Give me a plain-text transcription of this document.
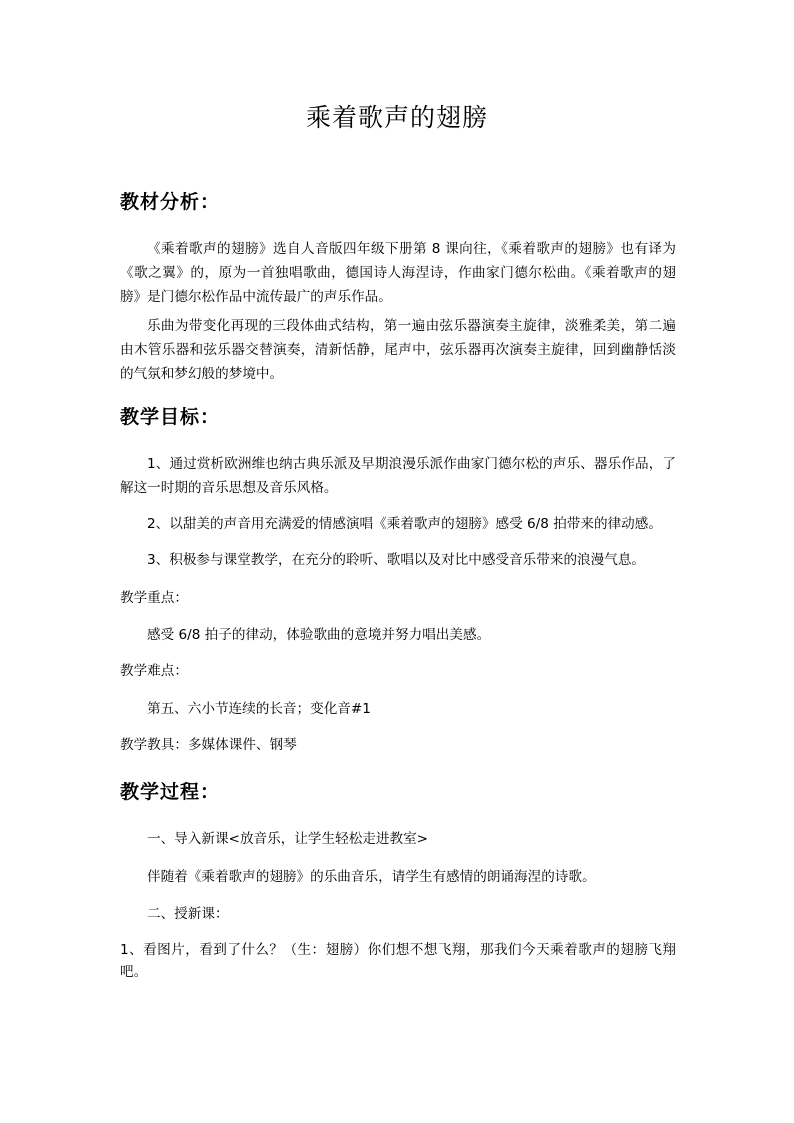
乘着歌声的翅膀
教材分析：
《乘着歌声的翅膀》选自人音版四年级下册第 8 课向往，《乘着歌声的翅膀》也有译为《歌之翼》的，原为一首独唱歌曲，德国诗人海涅诗，作曲家门德尔松曲。《乘着歌声的翅膀》是门德尔松作品中流传最广的声乐作品。
乐曲为带变化再现的三段体曲式结构，第一遍由弦乐器演奏主旋律，淡雅柔美，第二遍由木管乐器和弦乐器交替演奏，清新恬静，尾声中，弦乐器再次演奏主旋律，回到幽静恬淡的气氛和梦幻般的梦境中。
教学目标：
1、通过赏析欧洲维也纳古典乐派及早期浪漫乐派作曲家门德尔松的声乐、器乐作品，了解这一时期的音乐思想及音乐风格。
2、以甜美的声音用充满爱的情感演唱《乘着歌声的翅膀》感受 6/8 拍带来的律动感。
3、积极参与课堂教学，在充分的聆听、歌唱以及对比中感受音乐带来的浪漫气息。
教学重点：
感受 6/8 拍子的律动，体验歌曲的意境并努力唱出美感。
教学难点：
第五、六小节连续的长音；变化音#1
教学教具：多媒体课件、钢琴
教学过程：
一、导入新课<放音乐，让学生轻松走进教室>
伴随着《乘着歌声的翅膀》的乐曲音乐，请学生有感情的朗诵海涅的诗歌。
二、授新课：
1、看图片，看到了什么？（生：翅膀）你们想不想飞翔，那我们今天乘着歌声的翅膀飞翔吧。
